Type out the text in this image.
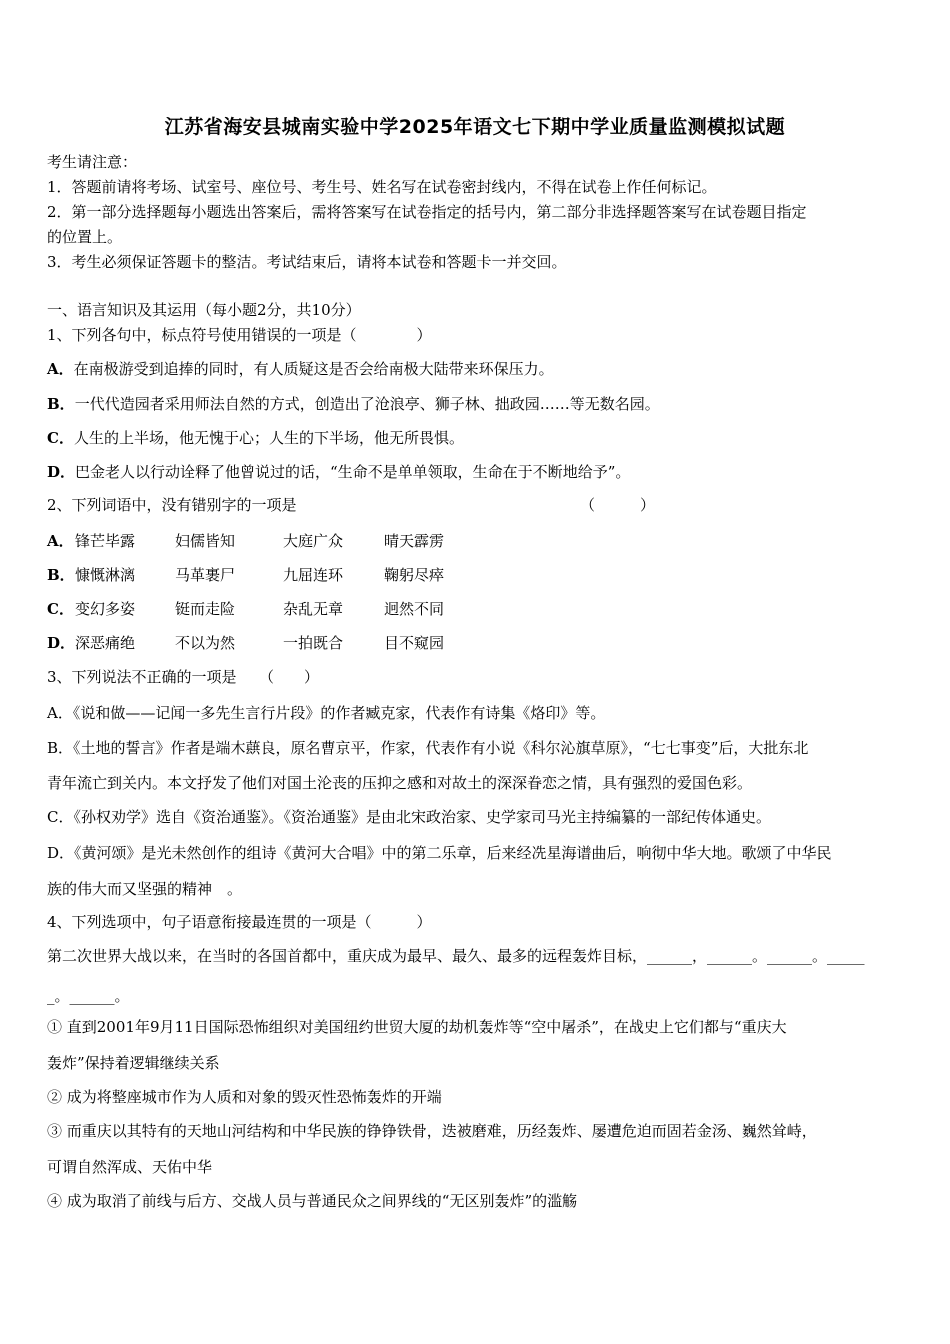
江苏省海安县城南实验中学2025年语文七下期中学业质量监测模拟试题
考生请注意：
1．答题前请将考场、试室号、座位号、考生号、姓名写在试卷密封线内，不得在试卷上作任何标记。
2．第一部分选择题每小题选出答案后，需将答案写在试卷指定的括号内，第二部分非选择题答案写在试卷题目指定
的位置上。
3．考生必须保证答题卡的整洁。考试结束后，请将本试卷和答题卡一并交回。
一、语言知识及其运用（每小题2分，共10分）
1、下列各句中，标点符号使用错误的一项是（　　　　）
A．在南极游受到追捧的同时，有人质疑这是否会给南极大陆带来环保压力。
B．一代代造园者采用师法自然的方式，创造出了沧浪亭、狮子林、拙政园……等无数名园。
C．人生的上半场，他无愧于心；人生的下半场，他无所畏惧。
D．巴金老人以行动诠释了他曾说过的话，“生命不是单单领取，生命在于不断地给予”。
2、下列词语中，没有错别字的一项是	（　　　）
A．锋芒毕露	妇儒皆知	大庭广众	晴天霹雳
B．慷慨淋漓	马革裹尸	九屈连环	鞠躬尽瘁
C．变幻多姿	铤而走险	杂乱无章	迥然不同
D．深恶痛绝	不以为然	一拍既合	目不窥园
3、下列说法不正确的一项是　　（　　）
A．《说和做——记闻一多先生言行片段》的作者臧克家，代表作有诗集《烙印》等。
B．《土地的誓言》作者是端木蕻良，原名曹京平，作家，代表作有小说《科尔沁旗草原》，“七七事变”后，大批东北
青年流亡到关内。本文抒发了他们对国土沦丧的压抑之感和对故土的深深眷恋之情，具有强烈的爱国色彩。
C．《孙权劝学》选自《资治通鉴》。《资治通鉴》是由北宋政治家、史学家司马光主持编纂的一部纪传体通史。
D．《黄河颂》是光未然创作的组诗《黄河大合唱》中的第二乐章，后来经冼星海谱曲后，响彻中华大地。歌颂了中华民
族的伟大而又坚强的精神　。
4、下列选项中，句子语意衔接最连贯的一项是（　　　）
第二次世界大战以来，在当时的各国首都中，重庆成为最早、最久、最多的远程轰炸目标，______，______。______。_____
_。______。
① 直到2001年9月11日国际恐怖组织对美国纽约世贸大厦的劫机轰炸等“空中屠杀”，在战史上它们都与“重庆大
轰炸”保持着逻辑继续关系
② 成为将整座城市作为人质和对象的毁灭性恐怖轰炸的开端
③ 而重庆以其特有的天地山河结构和中华民族的铮铮铁骨，迭被磨难，历经轰炸、屡遭危迫而固若金汤、巍然耸峙，
可谓自然浑成、天佑中华
④ 成为取消了前线与后方、交战人员与普通民众之间界线的“无区别轰炸”的滥觞
